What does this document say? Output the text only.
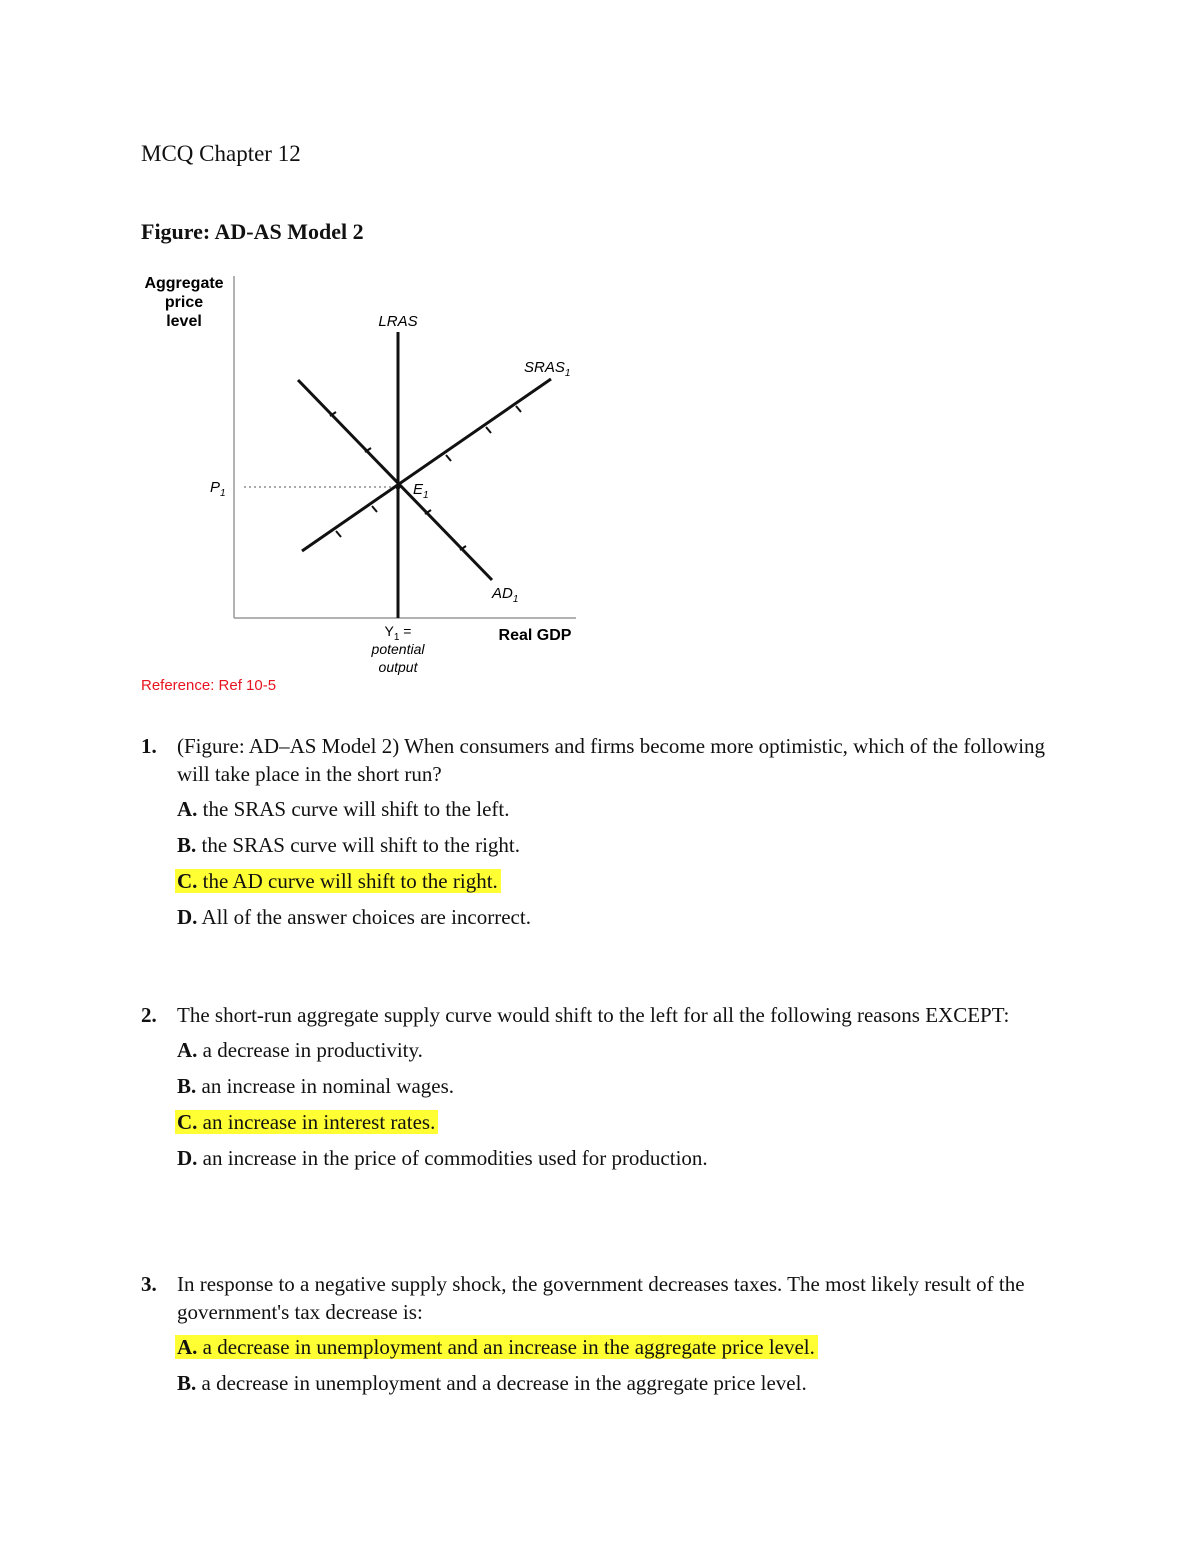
MCQ Chapter 12
Figure: AD-AS Model 2
Aggregate
price
level
Real GDP
$P_1$
LRAS
$AD_1$
$SRAS_1$
$E_1$
$Y_1$ =
potential
output
Reference: Ref 10-5
1. (Figure: AD–AS Model 2) When consumers and firms become more optimistic, which of the following will take place in the short run?
A. the SRAS curve will shift to the left.
B. the SRAS curve will shift to the right.
C. the AD curve will shift to the right.
D. All of the answer choices are incorrect.
2. The short-run aggregate supply curve would shift to the left for all the following reasons EXCEPT:
A. a decrease in productivity.
B. an increase in nominal wages.
C. an increase in interest rates.
D. an increase in the price of commodities used for production.
3. In response to a negative supply shock, the government decreases taxes. The most likely result of the government's tax decrease is:
A. a decrease in unemployment and an increase in the aggregate price level.
B. a decrease in unemployment and a decrease in the aggregate price level.
